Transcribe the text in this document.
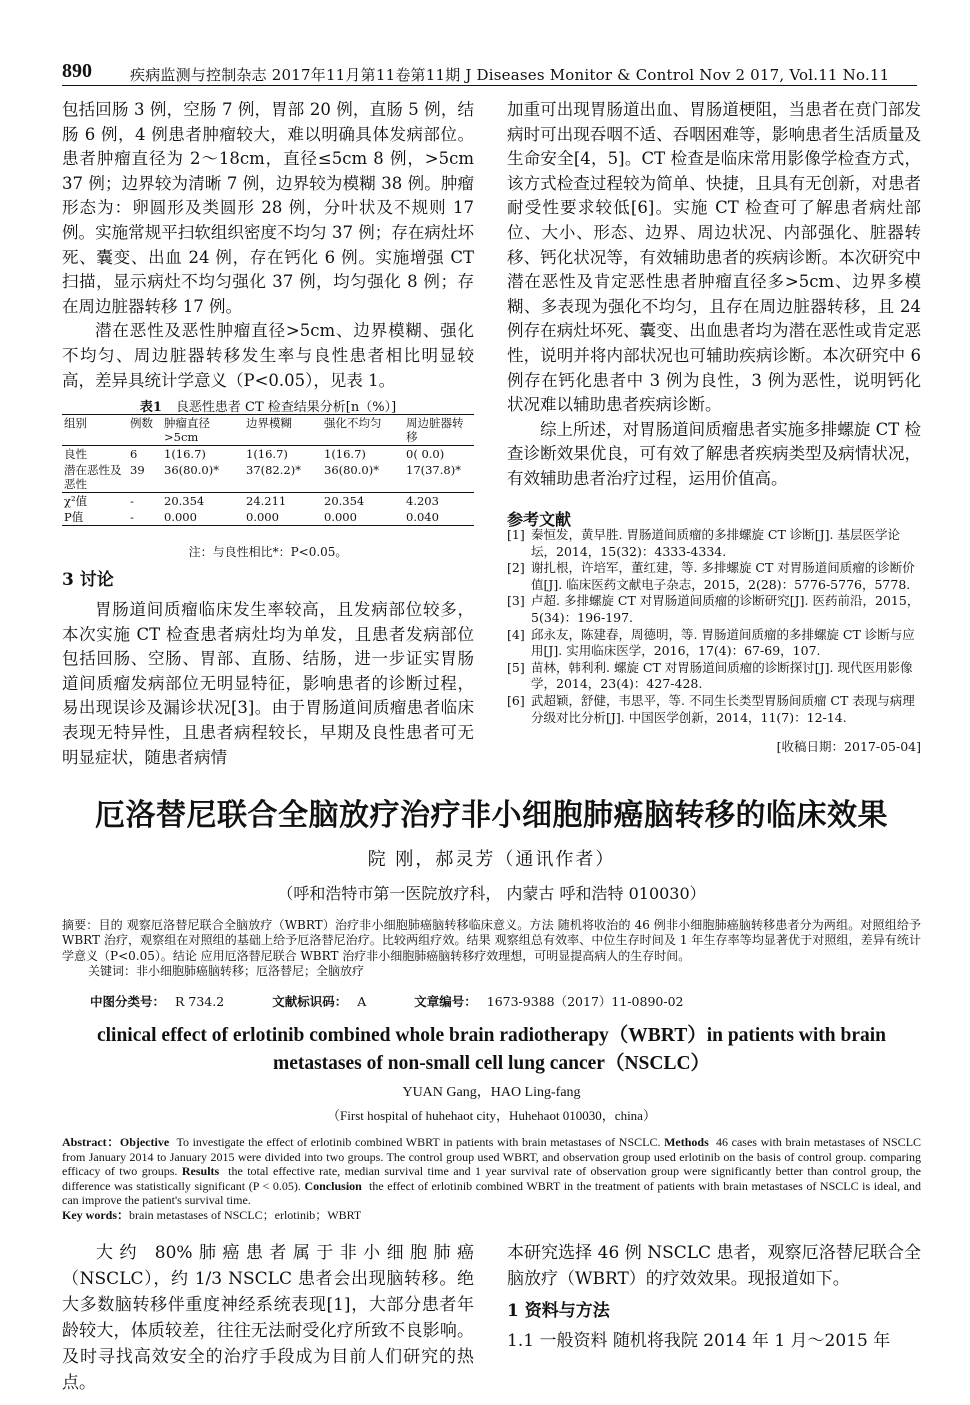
890	疾病监测与控制杂志 2017年11月第11卷第11期 J Diseases Monitor & Control Nov 2 017, Vol.11 No.11

包括回肠 3 例，空肠 7 例，胃部 20 例，直肠 5 例，结肠 6 例，4 例患者肿瘤较大，难以明确具体发病部位。患者肿瘤直径为 2～18cm，直径≤5cm 8 例，>5cm 37 例；边界较为清晰 7 例，边界较为模糊 38 例。肿瘤形态为：卵圆形及类圆形 28 例，分叶状及不规则 17 例。实施常规平扫软组织密度不均匀 37 例；存在病灶坏死、囊变、出血 24 例，存在钙化 6 例。实施增强 CT 扫描，显示病灶不均匀强化 37 例，均匀强化 8 例；存在周边脏器转移 17 例。

潜在恶性及恶性肿瘤直径>5cm、边界模糊、强化不均匀、周边脏器转移发生率与良性患者相比明显较高，差异具统计学意义（P<0.05），见表 1。

表1 良恶性患者 CT 检查结果分析[n（%）]
组别	例数	肿瘤直径>5cm	边界模糊	强化不均匀	周边脏器转移
良性	6	1(16.7)	1(16.7)	1(16.7)	0( 0.0)
潜在恶性及恶性	39	36(80.0)*	37(82.2)*	36(80.0)*	17(37.8)*
χ²值	-	20.354	24.211	20.354	4.203
P值	-	0.000	0.000	0.000	0.040
注：与良性相比*：P<0.05。
3 讨论

胃肠道间质瘤临床发生率较高，且发病部位较多，本次实施 CT 检查患者病灶均为单发，且患者发病部位包括回肠、空肠、胃部、直肠、结肠，进一步证实胃肠道间质瘤发病部位无明显特征，影响患者的诊断过程，易出现误诊及漏诊状况[3]。由于胃肠道间质瘤患者临床表现无特异性，且患者病程较长，早期及良性患者可无明显症状，随患者病情

加重可出现胃肠道出血、胃肠道梗阻，当患者在贲门部发病时可出现吞咽不适、吞咽困难等，影响患者生活质量及生命安全[4，5]。CT 检查是临床常用影像学检查方式，该方式检查过程较为简单、快捷，且具有无创新，对患者耐受性要求较低[6]。实施 CT 检查可了解患者病灶部位、大小、形态、边界、周边状况、内部强化、脏器转移、钙化状况等，有效辅助患者的疾病诊断。本次研究中潜在恶性及肯定恶性患者肿瘤直径多>5cm、边界多模糊、多表现为强化不均匀，且存在周边脏器转移，且 24 例存在病灶坏死、囊变、出血患者均为潜在恶性或肯定恶性，说明并将内部状况也可辅助疾病诊断。本次研究中 6 例存在钙化患者中 3 例为良性，3 例为恶性，说明钙化状况难以辅助患者疾病诊断。

综上所述，对胃肠道间质瘤患者实施多排螺旋 CT 检查诊断效果优良，可有效了解患者疾病类型及病情状况，有效辅助患者治疗过程，运用价值高。

参考文献
[1] 秦恒发，黄早胜. 胃肠道间质瘤的多排螺旋 CT 诊断[J]. 基层医学论坛，2014，15(32)：4333-4334.
[2] 谢扎根，许培军，董红建，等. 多排螺旋 CT 对胃肠道间质瘤的诊断价值[J]. 临床医药文献电子杂志，2015，2(28)：5776-5776，5778.
[3] 卢超. 多排螺旋 CT 对胃肠道间质瘤的诊断研究[J]. 医药前沿，2015，5(34)：196-197.
[4] 邱永友，陈建春，周德明，等. 胃肠道间质瘤的多排螺旋 CT 诊断与应用[J]. 实用临床医学，2016，17(4)：67-69，107.
[5] 苗林，韩利利. 螺旋 CT 对胃肠道间质瘤的诊断探讨[J]. 现代医用影像学，2014，23(4)：427-428.
[6] 武超颖，舒健，韦思平，等. 不同生长类型胃肠间质瘤 CT 表现与病理分级对比分析[J]. 中国医学创新，2014，11(7)：12-14.
[收稿日期：2017-05-04]
厄洛替尼联合全脑放疗治疗非小细胞肺癌脑转移的临床效果
院 刚，郝灵芳（通讯作者）
（呼和浩特市第一医院放疗科， 内蒙古 呼和浩特 010030）

摘要：目的 观察厄洛替尼联合全脑放疗（WBRT）治疗非小细胞肺癌脑转移临床意义。方法 随机将收治的 46 例非小细胞肺癌脑转移患者分为两组。对照组给予 WBRT 治疗，观察组在对照组的基础上给予厄洛替尼治疗。比较两组疗效。结果 观察组总有效率、中位生存时间及 1 年生存率等均显著优于对照组，差异有统计学意义（P<0.05）。结论 应用厄洛替尼联合 WBRT 治疗非小细胞肺癌脑转移疗效理想，可明显提高病人的生存时间。

关键词：非小细胞肺癌脑转移；厄洛替尼；全脑放疗

中图分类号： R 734.2	文献标识码： A	文章编号： 1673-9388（2017）11-0890-02
clinical effect of erlotinib combined whole brain radiotherapy（WBRT）in patients with brain metastases of non-small cell lung cancer（NSCLC）
YUAN Gang，HAO Ling-fang
（First hospital of huhehaot city，Huhehaot 010030，china）

Abstract：Objective To investigate the effect of erlotinib combined WBRT in patients with brain metastases of NSCLC. Methods 46 cases with brain metastases of NSCLC from January 2014 to January 2015 were divided into two groups. The control group used WBRT, and observation group used erlotinib on the basis of control group. comparing efficacy of two groups. Results the total effective rate, median survival time and 1 year survival rate of observation group were significantly better than control group, the difference was statistically significant (P < 0.05). Conclusion the effect of erlotinib combined WBRT in the treatment of patients with brain metastases of NSCLC is ideal, and can improve the patient's survival time.

Key words：brain metastases of NSCLC；erlotinib；WBRT

大约 80%肺癌患者属于非小细胞肺癌（NSCLC），约 1/3 NSCLC 患者会出现脑转移。绝大多数脑转移伴重度神经系统表现[1]，大部分患者年龄较大，体质较差，往往无法耐受化疗所致不良影响。及时寻找高效安全的治疗手段成为目前人们研究的热点。

本研究选择 46 例 NSCLC 患者，观察厄洛替尼联合全脑放疗（WBRT）的疗效效果。现报道如下。

1 资料与方法

1.1 一般资料 随机将我院 2014 年 1 月～2015 年
